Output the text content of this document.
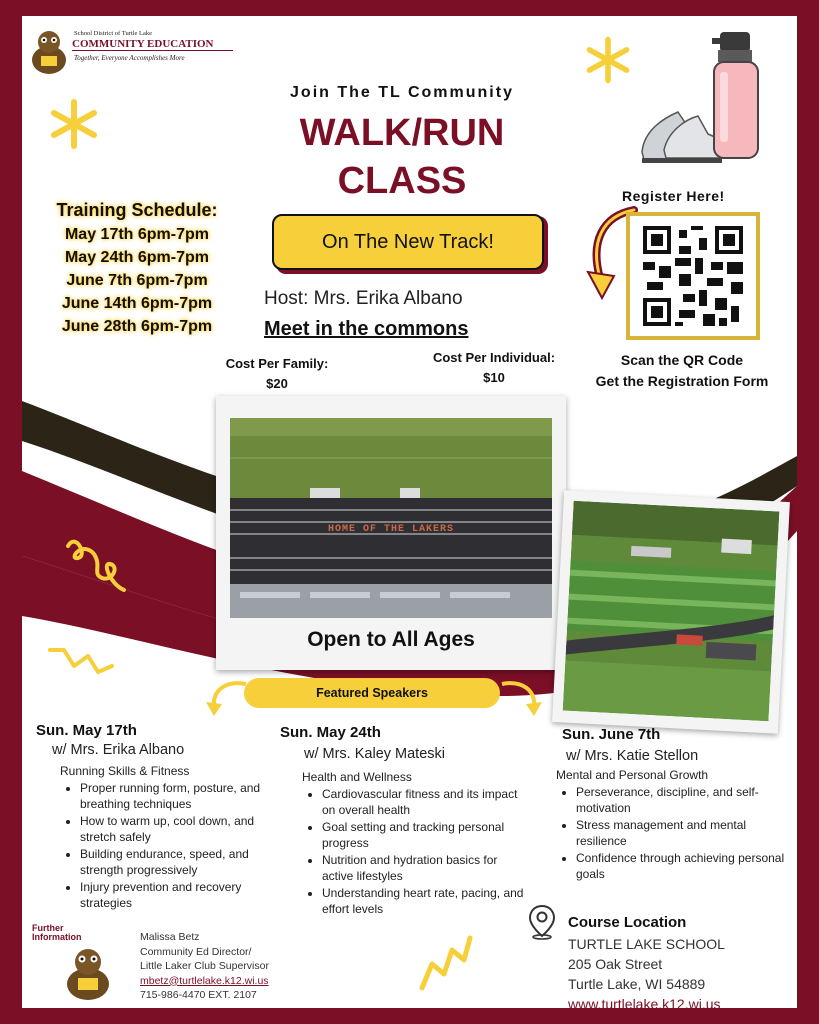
School District of Turtle Lake
COMMUNITY EDUCATION
Together, Everyone Accomplishes More
Join The TL Community
WALK/RUN
CLASS
On The New Track!
Host: Mrs. Erika Albano
Meet in the commons
Training Schedule:
May 17th 6pm-7pm
May 24th 6pm-7pm
June 7th 6pm-7pm
June 14th 6pm-7pm
June 28th 6pm-7pm
Cost Per Family:
$20
Cost Per Individual:
$10
Register Here!
Scan the QR Code
Get the Registration Form
HOME OF THE LAKERS
Open to All Ages
Featured Speakers
Sun. May 17th
w/ Mrs. Erika Albano
Running Skills & Fitness
• Proper running form, posture, and breathing techniques
• How to warm up, cool down, and stretch safely
• Building endurance, speed, and strength progressively
• Injury prevention and recovery strategies
Sun. May 24th
w/ Mrs. Kaley Mateski
Health and Wellness
• Cardiovascular fitness and its impact on overall health
• Goal setting and tracking personal progress
• Nutrition and hydration basics for active lifestyles
• Understanding heart rate, pacing, and effort levels
Sun. June 7th
w/ Mrs. Katie Stellon
Mental and Personal Growth
• Perseverance, discipline, and self-motivation
• Stress management and mental resilience
• Confidence through achieving personal goals
Further
Information	Malissa Betz
Community Ed Director/
Little Laker Club Supervisor
mbetz@turtlelake.k12.wi.us
715-986-4470 EXT. 2107
Course Location
TURTLE LAKE SCHOOL
205 Oak Street
Turtle Lake, WI 54889
www.turtlelake.k12.wi.us
